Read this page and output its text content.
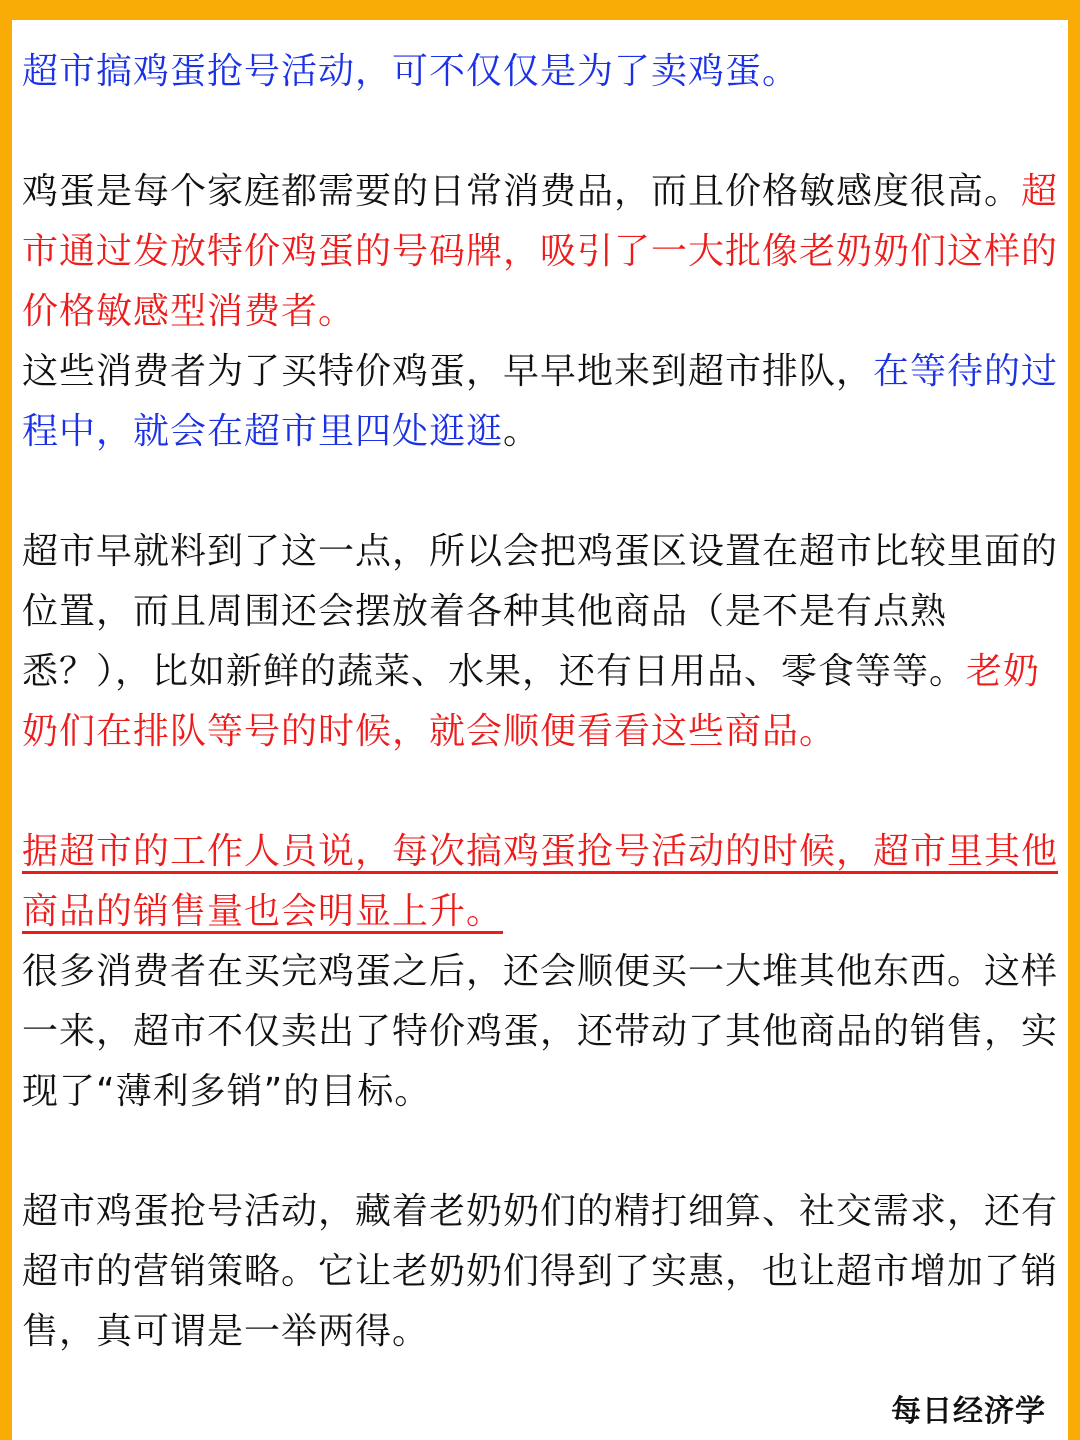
超市搞鸡蛋抢号活动，可不仅仅是为了卖鸡蛋。

鸡蛋是每个家庭都需要的日常消费品，而且价格敏感度很高。超市通过发放特价鸡蛋的号码牌，吸引了一大批像老奶奶们这样的价格敏感型消费者。

这些消费者为了买特价鸡蛋，早早地来到超市排队，在等待的过程中，就会在超市里四处逛逛。

超市早就料到了这一点，所以会把鸡蛋区设置在超市比较里面的位置，而且周围还会摆放着各种其他商品（是不是有点熟悉？），比如新鲜的蔬菜、水果，还有日用品、零食等等。老奶奶们在排队等号的时候，就会顺便看看这些商品。

据超市的工作人员说，每次搞鸡蛋抢号活动的时候，超市里其他商品的销售量也会明显上升。

很多消费者在买完鸡蛋之后，还会顺便买一大堆其他东西。这样一来，超市不仅卖出了特价鸡蛋，还带动了其他商品的销售，实现了“薄利多销”的目标。

超市鸡蛋抢号活动，藏着老奶奶们的精打细算、社交需求，还有超市的营销策略。它让老奶奶们得到了实惠，也让超市增加了销售，真可谓是一举两得。

每日经济学
